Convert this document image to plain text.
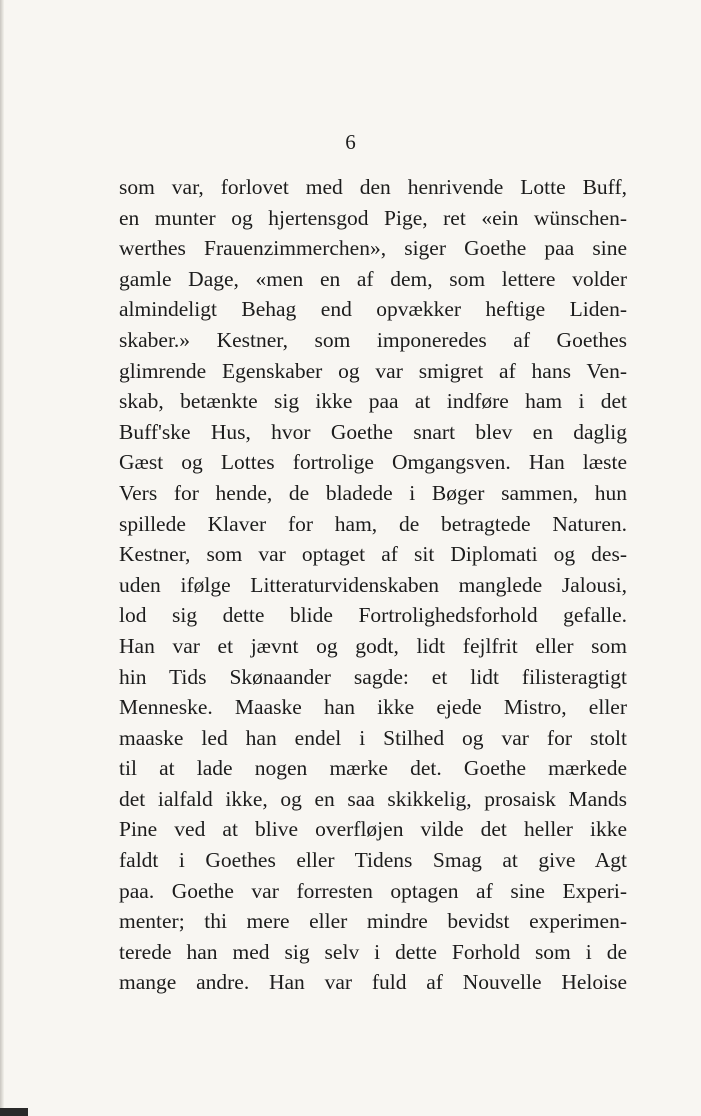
6
som var, forlovet med den henrivende Lotte Buff,
en munter og hjertensgod Pige, ret «ein wünschen-
werthes Frauenzimmerchen», siger Goethe paa sine
gamle Dage, «men en af dem, som lettere volder
almindeligt Behag end opvækker heftige Liden-
skaber.» Kestner, som imponeredes af Goethes
glimrende Egenskaber og var smigret af hans Ven-
skab, betænkte sig ikke paa at indføre ham i det
Buff'ske Hus, hvor Goethe snart blev en daglig
Gæst og Lottes fortrolige Omgangsven. Han læste
Vers for hende, de bladede i Bøger sammen, hun
spillede Klaver for ham, de betragtede Naturen.
Kestner, som var optaget af sit Diplomati og des-
uden ifølge Litteraturvidenskaben manglede Jalousi,
lod sig dette blide Fortrolighedsforhold gefalle.
Han var et jævnt og godt, lidt fejlfrit eller som
hin Tids Skønaander sagde: et lidt filisteragtigt
Menneske. Maaske han ikke ejede Mistro, eller
maaske led han endel i Stilhed og var for stolt
til at lade nogen mærke det. Goethe mærkede
det ialfald ikke, og en saa skikkelig, prosaisk Mands
Pine ved at blive overfløjen vilde det heller ikke
faldt i Goethes eller Tidens Smag at give Agt
paa. Goethe var forresten optagen af sine Experi-
menter; thi mere eller mindre bevidst experimen-
terede han med sig selv i dette Forhold som i de
mange andre. Han var fuld af Nouvelle Heloise
